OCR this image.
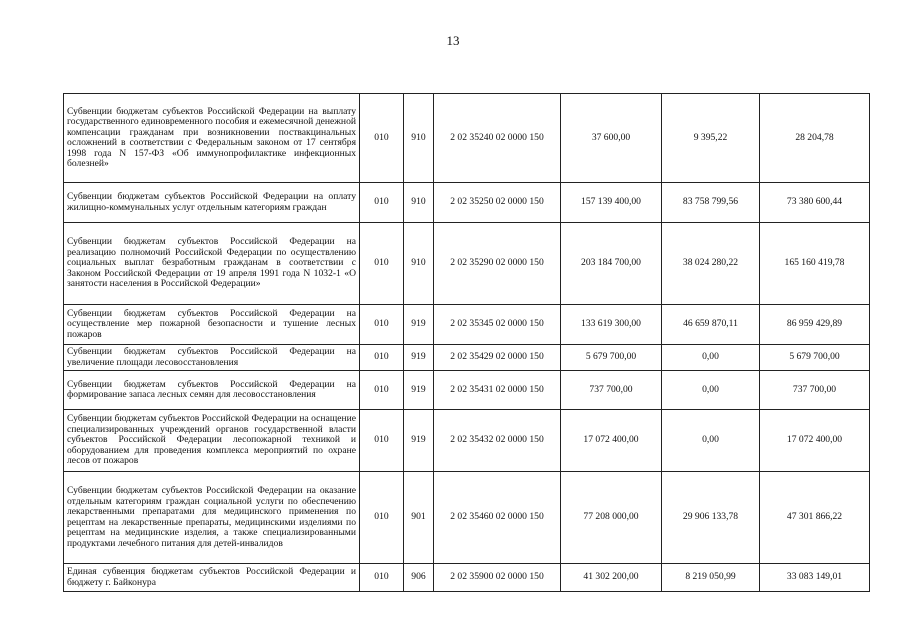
13
Субвенции бюджетам субъектов Российской Федерации на выплату государственного единовременного пособия и ежемесячной денежной компенсации гражданам при возникновении поствакцинальных осложнений в соответствии с Федеральным законом от 17 сентября 1998 года N 157-ФЗ «Об иммунопрофилактике инфекционных болезней»	010	910	2 02 35240 02 0000 150	37 600,00	9 395,22	28 204,78
Субвенции бюджетам субъектов Российской Федерации на оплату жилищно-коммунальных услуг отдельным категориям граждан	010	910	2 02 35250 02 0000 150	157 139 400,00	83 758 799,56	73 380 600,44
Субвенции бюджетам субъектов Российской Федерации на реализацию полномочий Российской Федерации по осуществлению социальных выплат безработным гражданам в соответствии с Законом Российской Федерации от 19 апреля 1991 года N 1032-1 «О занятости населения в Российской Федерации»	010	910	2 02 35290 02 0000 150	203 184 700,00	38 024 280,22	165 160 419,78
Субвенции бюджетам субъектов Российской Федерации на осуществление мер пожарной безопасности и тушение лесных пожаров	010	919	2 02 35345 02 0000 150	133 619 300,00	46 659 870,11	86 959 429,89
Субвенции бюджетам субъектов Российской Федерации на увеличение площади лесовосстановления	010	919	2 02 35429 02 0000 150	5 679 700,00	0,00	5 679 700,00
Субвенции бюджетам субъектов Российской Федерации на формирование запаса лесных семян для лесовосстановления	010	919	2 02 35431 02 0000 150	737 700,00	0,00	737 700,00
Субвенции бюджетам субъектов Российской Федерации на оснащение специализированных учреждений органов государственной власти субъектов Российской Федерации лесопожарной техникой и оборудованием для проведения комплекса мероприятий по охране лесов от пожаров	010	919	2 02 35432 02 0000 150	17 072 400,00	0,00	17 072 400,00
Субвенции бюджетам субъектов Российской Федерации на оказание отдельным категориям граждан социальной услуги по обеспечению лекарственными препаратами для медицинского применения по рецептам на лекарственные препараты, медицинскими изделиями по рецептам на медицинские изделия, а также специализированными продуктами лечебного питания для детей-инвалидов	010	901	2 02 35460 02 0000 150	77 208 000,00	29 906 133,78	47 301 866,22
Единая субвенция бюджетам субъектов Российской Федерации и бюджету г. Байконура	010	906	2 02 35900 02 0000 150	41 302 200,00	8 219 050,99	33 083 149,01
